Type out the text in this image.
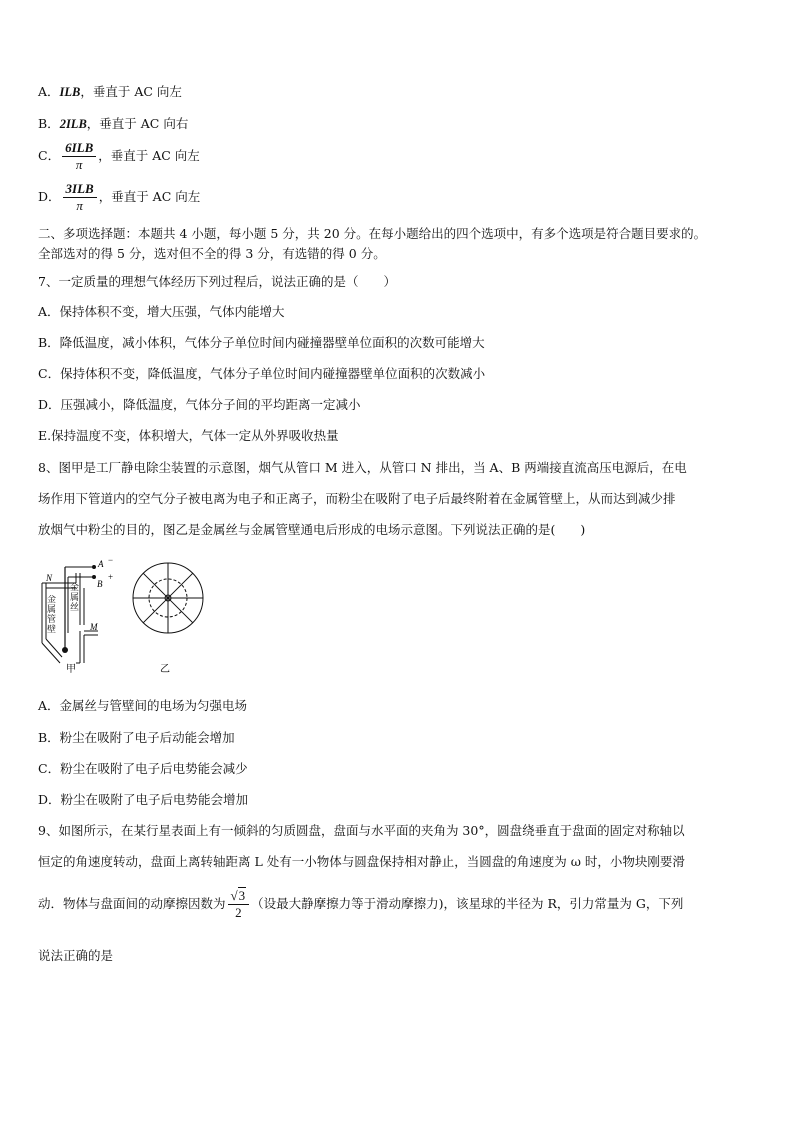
A．ILB，垂直于 AC 向左
B．2ILB，垂直于 AC 向右
C． $\frac{\text{6ILB}}{\pi}$ ，垂直于 AC 向左
D． $\frac{\text{3ILB}}{\pi}$ ，垂直于 AC 向左
二、多项选择题：本题共 4 小题，每小题 5 分，共 20 分。在每小题给出的四个选项中，有多个选项是符合题目要求的。
全部选对的得 5 分，选对但不全的得 3 分，有选错的得 0 分。
7、一定质量的理想气体经历下列过程后，说法正确的是（　　）
A．保持体积不变，增大压强，气体内能增大
B．降低温度，减小体积，气体分子单位时间内碰撞器壁单位面积的次数可能增大
C．保持体积不变，降低温度，气体分子单位时间内碰撞器壁单位面积的次数减小
D．压强减小，降低温度，气体分子间的平均距离一定减小
E.保持温度不变，体积增大，气体一定从外界吸收热量
8、图甲是工厂静电除尘装置的示意图，烟气从管口 M 进入，从管口 N 排出，当 A、B 两端接直流高压电源后，在电
场作用下管道内的空气分子被电离为电子和正离子，而粉尘在吸附了电子后最终附着在金属管壁上，从而达到减少排
放烟气中粉尘的目的，图乙是金属丝与金属管壁通电后形成的电场示意图。下列说法正确的是(　　)
N
A −
+
B
M
甲	乙
金属管壁
金属丝
A．金属丝与管壁间的电场为匀强电场
B．粉尘在吸附了电子后动能会增加
C．粉尘在吸附了电子后电势能会减少
D．粉尘在吸附了电子后电势能会增加
9、如图所示，在某行星表面上有一倾斜的匀质圆盘，盘面与水平面的夹角为 30°，圆盘绕垂直于盘面的固定对称轴以
恒定的角速度转动，盘面上离转轴距离 L 处有一小物体与圆盘保持相对静止，当圆盘的角速度为 ω 时，小物块刚要滑
动．物体与盘面间的动摩擦因数为 $\frac{√3}{2}$ （设最大静摩擦力等于滑动摩擦力)，该星球的半径为 R，引力常量为 G，下列
说法正确的是
